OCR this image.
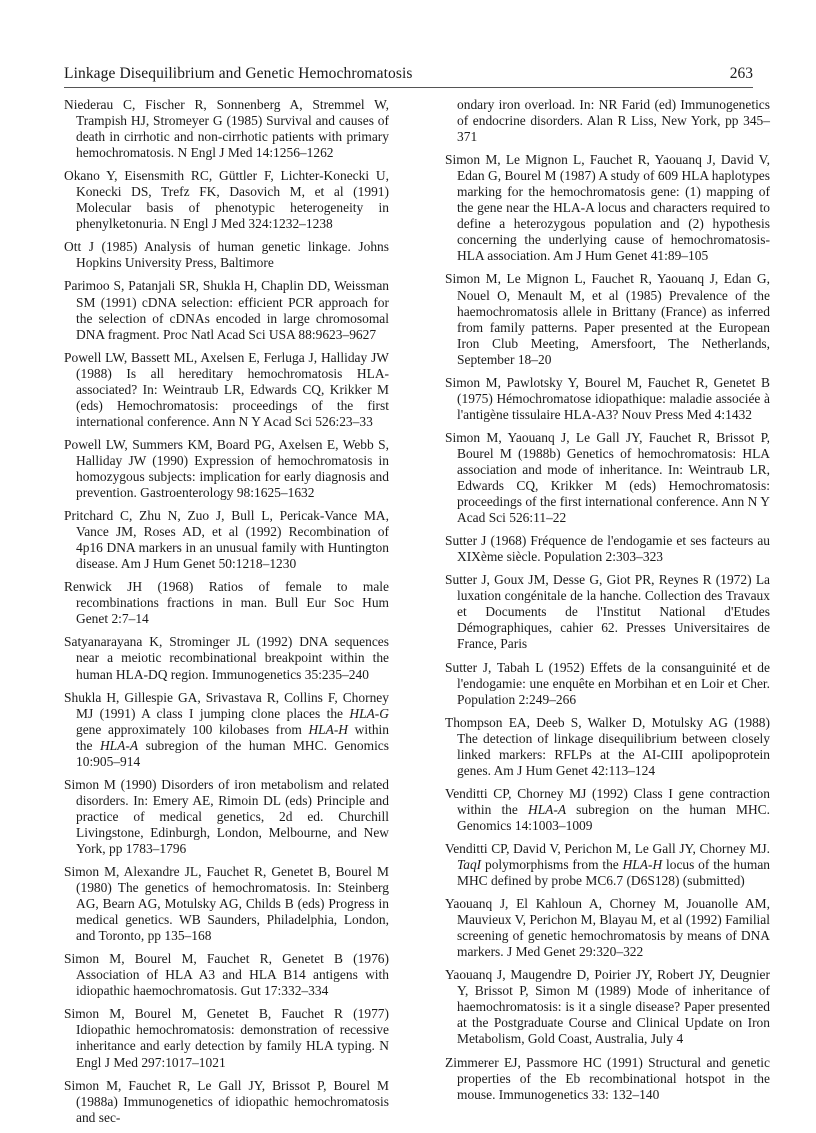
Linkage Disequilibrium and Genetic Hemochromatosis	263

Niederau C, Fischer R, Sonnenberg A, Stremmel W, Trampish HJ, Stromeyer G (1985) Survival and causes of death in cirrhotic and non-cirrhotic patients with primary hemochromatosis. N Engl J Med 14:1256–1262

Okano Y, Eisensmith RC, Güttler F, Lichter-Konecki U, Konecki DS, Trefz FK, Dasovich M, et al (1991) Molecular basis of phenotypic heterogeneity in phenylketonuria. N Engl J Med 324:1232–1238

Ott J (1985) Analysis of human genetic linkage. Johns Hopkins University Press, Baltimore

Parimoo S, Patanjali SR, Shukla H, Chaplin DD, Weissman SM (1991) cDNA selection: efficient PCR approach for the selection of cDNAs encoded in large chromosomal DNA fragment. Proc Natl Acad Sci USA 88:9623–9627

Powell LW, Bassett ML, Axelsen E, Ferluga J, Halliday JW (1988) Is all hereditary hemochromatosis HLA-associated? In: Weintraub LR, Edwards CQ, Krikker M (eds) Hemochromatosis: proceedings of the first international conference. Ann N Y Acad Sci 526:23–33

Powell LW, Summers KM, Board PG, Axelsen E, Webb S, Halliday JW (1990) Expression of hemochromatosis in homozygous subjects: implication for early diagnosis and prevention. Gastroenterology 98:1625–1632

Pritchard C, Zhu N, Zuo J, Bull L, Pericak-Vance MA, Vance JM, Roses AD, et al (1992) Recombination of 4p16 DNA markers in an unusual family with Huntington disease. Am J Hum Genet 50:1218–1230

Renwick JH (1968) Ratios of female to male recombinations fractions in man. Bull Eur Soc Hum Genet 2:7–14

Satyanarayana K, Strominger JL (1992) DNA sequences near a meiotic recombinational breakpoint within the human HLA-DQ region. Immunogenetics 35:235–240

Shukla H, Gillespie GA, Srivastava R, Collins F, Chorney MJ (1991) A class I jumping clone places the HLA-G gene approximately 100 kilobases from HLA-H within the HLA-A subregion of the human MHC. Genomics 10:905–914

Simon M (1990) Disorders of iron metabolism and related disorders. In: Emery AE, Rimoin DL (eds) Principle and practice of medical genetics, 2d ed. Churchill Livingstone, Edinburgh, London, Melbourne, and New York, pp 1783–1796

Simon M, Alexandre JL, Fauchet R, Genetet B, Bourel M (1980) The genetics of hemochromatosis. In: Steinberg AG, Bearn AG, Motulsky AG, Childs B (eds) Progress in medical genetics. WB Saunders, Philadelphia, London, and Toronto, pp 135–168

Simon M, Bourel M, Fauchet R, Genetet B (1976) Association of HLA A3 and HLA B14 antigens with idiopathic haemochromatosis. Gut 17:332–334

Simon M, Bourel M, Genetet B, Fauchet R (1977) Idiopathic hemochromatosis: demonstration of recessive inheritance and early detection by family HLA typing. N Engl J Med 297:1017–1021

Simon M, Fauchet R, Le Gall JY, Brissot P, Bourel M (1988a) Immunogenetics of idiopathic hemochromatosis and sec-

ondary iron overload. In: NR Farid (ed) Immunogenetics of endocrine disorders. Alan R Liss, New York, pp 345–371

Simon M, Le Mignon L, Fauchet R, Yaouanq J, David V, Edan G, Bourel M (1987) A study of 609 HLA haplotypes marking for the hemochromatosis gene: (1) mapping of the gene near the HLA-A locus and characters required to define a heterozygous population and (2) hypothesis concerning the underlying cause of hemochromatosis-HLA association. Am J Hum Genet 41:89–105

Simon M, Le Mignon L, Fauchet R, Yaouanq J, Edan G, Nouel O, Menault M, et al (1985) Prevalence of the haemochromatosis allele in Brittany (France) as inferred from family patterns. Paper presented at the European Iron Club Meeting, Amersfoort, The Netherlands, September 18–20

Simon M, Pawlotsky Y, Bourel M, Fauchet R, Genetet B (1975) Hémochromatose idiopathique: maladie associée à l'antigène tissulaire HLA-A3? Nouv Press Med 4:1432

Simon M, Yaouanq J, Le Gall JY, Fauchet R, Brissot P, Bourel M (1988b) Genetics of hemochromatosis: HLA association and mode of inheritance. In: Weintraub LR, Edwards CQ, Krikker M (eds) Hemochromatosis: proceedings of the first international conference. Ann N Y Acad Sci 526:11–22

Sutter J (1968) Fréquence de l'endogamie et ses facteurs au XIXème siècle. Population 2:303–323

Sutter J, Goux JM, Desse G, Giot PR, Reynes R (1972) La luxation congénitale de la hanche. Collection des Travaux et Documents de l'Institut National d'Etudes Démographiques, cahier 62. Presses Universitaires de France, Paris

Sutter J, Tabah L (1952) Effets de la consanguinité et de l'endogamie: une enquête en Morbihan et en Loir et Cher. Population 2:249–266

Thompson EA, Deeb S, Walker D, Motulsky AG (1988) The detection of linkage disequilibrium between closely linked markers: RFLPs at the AI-CIII apolipoprotein genes. Am J Hum Genet 42:113–124

Venditti CP, Chorney MJ (1992) Class I gene contraction within the HLA-A subregion on the human MHC. Genomics 14:1003–1009

Venditti CP, David V, Perichon M, Le Gall JY, Chorney MJ. TaqI polymorphisms from the HLA-H locus of the human MHC defined by probe MC6.7 (D6S128) (submitted)

Yaouanq J, El Kahloun A, Chorney M, Jouanolle AM, Mauvieux V, Perichon M, Blayau M, et al (1992) Familial screening of genetic hemochromatosis by means of DNA markers. J Med Genet 29:320–322

Yaouanq J, Maugendre D, Poirier JY, Robert JY, Deugnier Y, Brissot P, Simon M (1989) Mode of inheritance of haemochromatosis: is it a single disease? Paper presented at the Postgraduate Course and Clinical Update on Iron Metabolism, Gold Coast, Australia, July 4

Zimmerer EJ, Passmore HC (1991) Structural and genetic properties of the Eb recombinational hotspot in the mouse. Immunogenetics 33: 132–140
